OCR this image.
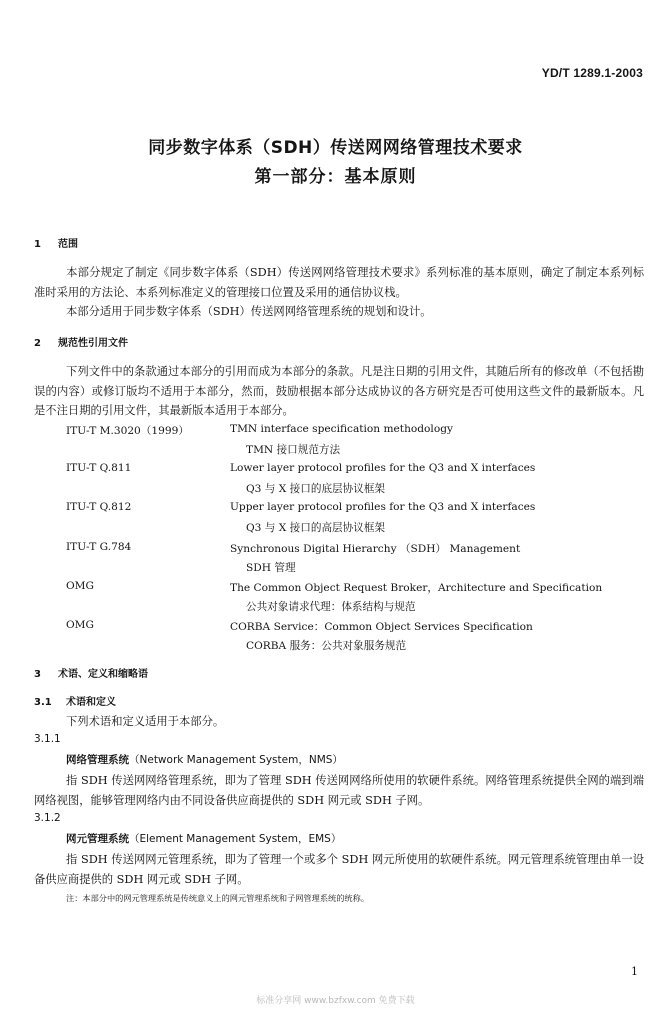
YD/T 1289.1-2003
同步数字体系（SDH）传送网网络管理技术要求
第一部分：基本原则
1 范围
本部分规定了制定《同步数字体系（SDH）传送网网络管理技术要求》系列标准的基本原则，确定了制定本系列标准时采用的方法论、本系列标准定义的管理接口位置及采用的通信协议栈。
本部分适用于同步数字体系（SDH）传送网网络管理系统的规划和设计。
2 规范性引用文件
下列文件中的条款通过本部分的引用而成为本部分的条款。凡是注日期的引用文件，其随后所有的修改单（不包括勘误的内容）或修订版均不适用于本部分，然而，鼓励根据本部分达成协议的各方研究是否可使用这些文件的最新版本。凡是不注日期的引用文件，其最新版本适用于本部分。
ITU-T M.3020（1999）	TMN interface specification methodology
TMN 接口规范方法
ITU-T Q.811	Lower layer protocol profiles for the Q3 and X interfaces
Q3 与 X 接口的底层协议框架
ITU-T Q.812	Upper layer protocol profiles for the Q3 and X interfaces
Q3 与 X 接口的高层协议框架
ITU-T G.784	Synchronous Digital Hierarchy （SDH） Management
SDH 管理
OMG	The Common Object Request Broker，Architecture and Specification
公共对象请求代理：体系结构与规范
OMG	CORBA Service：Common Object Services Specification
CORBA 服务：公共对象服务规范
3 术语、定义和缩略语
3.1 术语和定义
下列术语和定义适用于本部分。
3.1.1
网络管理系统（Network Management System，NMS）
指 SDH 传送网网络管理系统，即为了管理 SDH 传送网网络所使用的软硬件系统。网络管理系统提供全网的端到端网络视图，能够管理网络内由不同设备供应商提供的 SDH 网元或 SDH 子网。
3.1.2
网元管理系统（Element Management System，EMS）
指 SDH 传送网网元管理系统，即为了管理一个或多个 SDH 网元所使用的软硬件系统。网元管理系统管理由单一设备供应商提供的 SDH 网元或 SDH 子网。
注：本部分中的网元管理系统是传统意义上的网元管理系统和子网管理系统的统称。
1
标准分享网 www.bzfxw.com 免费下载
